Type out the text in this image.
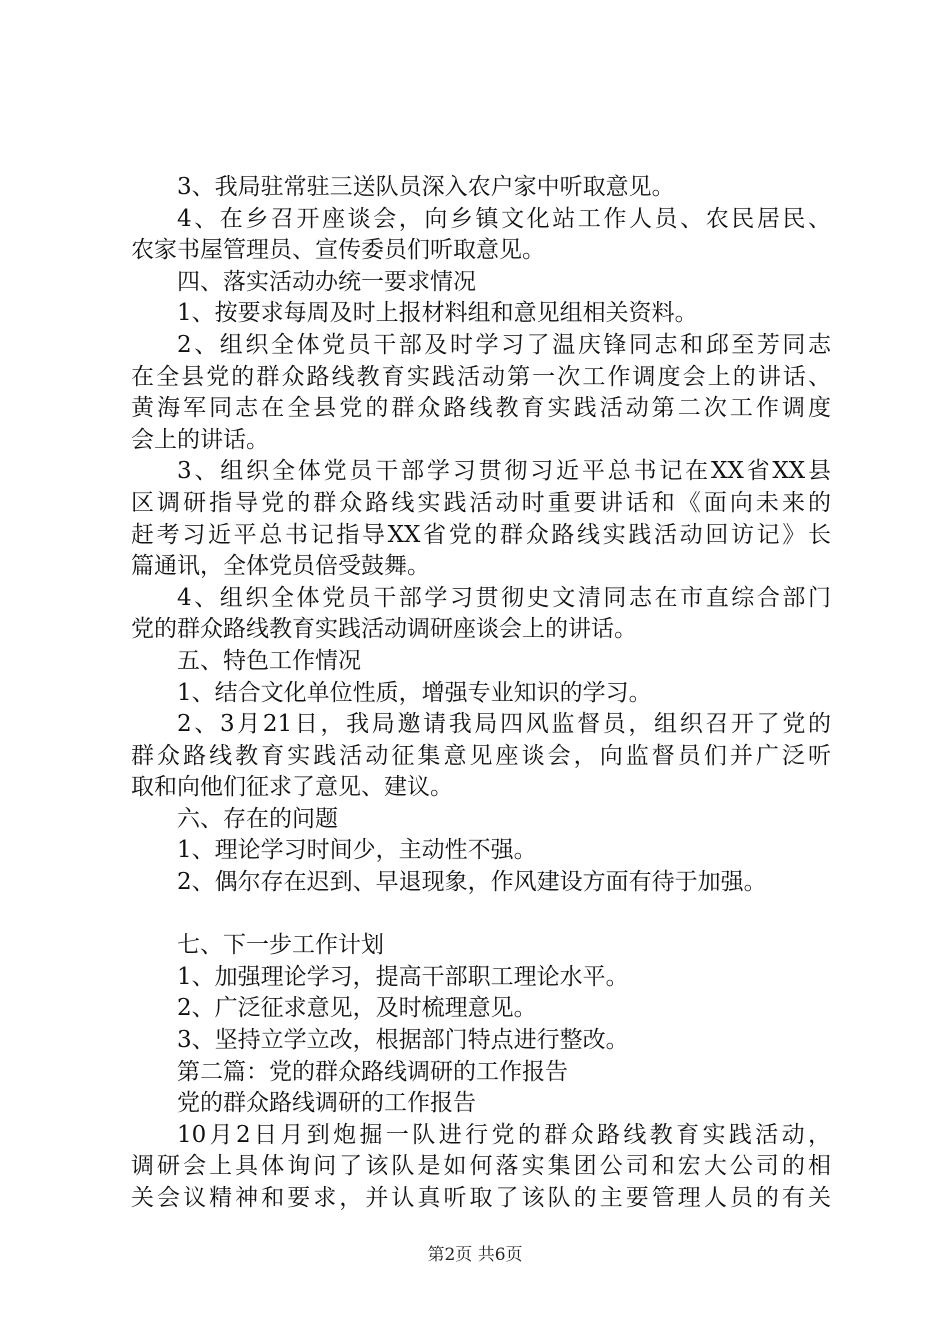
3、我局驻常驻三送队员深入农户家中听取意见。
4、在乡召开座谈会，向乡镇文化站工作人员、农民居民、
农家书屋管理员、宣传委员们听取意见。
四、落实活动办统一要求情况
1、按要求每周及时上报材料组和意见组相关资料。
2、组织全体党员干部及时学习了温庆锋同志和邱至芳同志
在全县党的群众路线教育实践活动第一次工作调度会上的讲话、
黄海军同志在全县党的群众路线教育实践活动第二次工作调度
会上的讲话。
3、组织全体党员干部学习贯彻习近平总书记在XX省XX县
区调研指导党的群众路线实践活动时重要讲话和《面向未来的
赶考习近平总书记指导XX省党的群众路线实践活动回访记》长
篇通讯，全体党员倍受鼓舞。
4、组织全体党员干部学习贯彻史文清同志在市直综合部门
党的群众路线教育实践活动调研座谈会上的讲话。
五、特色工作情况
1、结合文化单位性质，增强专业知识的学习。
2、3月21日，我局邀请我局四风监督员，组织召开了党的
群众路线教育实践活动征集意见座谈会，向监督员们并广泛听
取和向他们征求了意见、建议。
六、存在的问题
1、理论学习时间少，主动性不强。
2、偶尔存在迟到、早退现象，作风建设方面有待于加强。
七、下一步工作计划
1、加强理论学习，提高干部职工理论水平。
2、广泛征求意见，及时梳理意见。
3、坚持立学立改，根据部门特点进行整改。
第二篇：党的群众路线调研的工作报告
党的群众路线调研的工作报告
10月2日月到炮掘一队进行党的群众路线教育实践活动，
调研会上具体询问了该队是如何落实集团公司和宏大公司的相
关会议精神和要求，并认真听取了该队的主要管理人员的有关
第2页 共6页
